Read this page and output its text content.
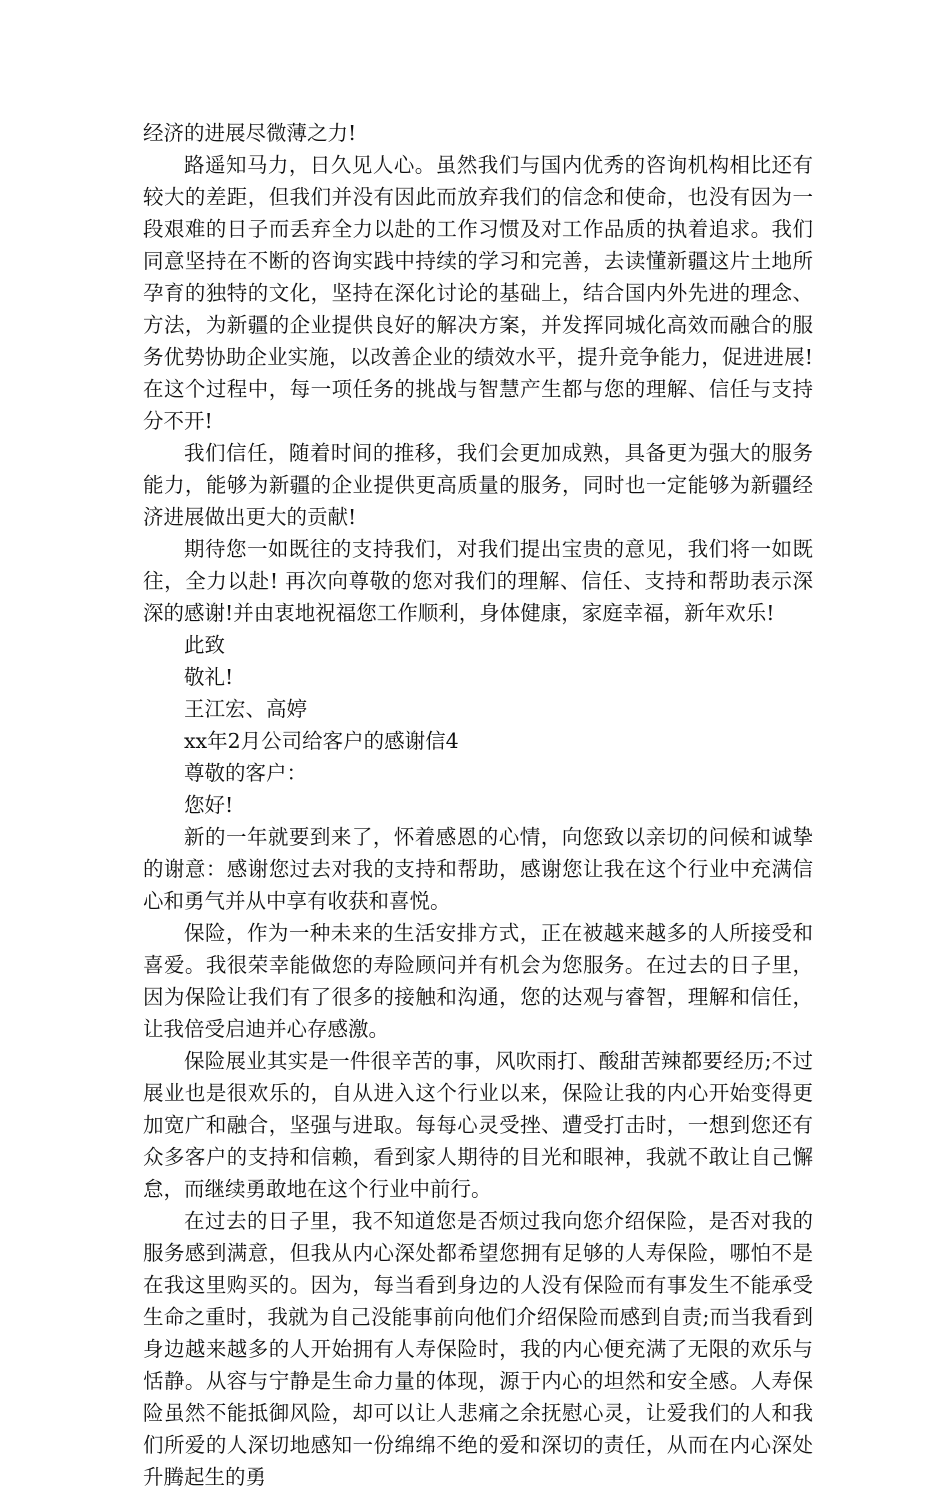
经济的进展尽微薄之力!

路遥知马力，日久见人心。虽然我们与国内优秀的咨询机构相比还有较大的差距，但我们并没有因此而放弃我们的信念和使命，也没有因为一段艰难的日子而丢弃全力以赴的工作习惯及对工作品质的执着追求。我们同意坚持在不断的咨询实践中持续的学习和完善，去读懂新疆这片土地所孕育的独特的文化，坚持在深化讨论的基础上，结合国内外先进的理念、方法，为新疆的企业提供良好的解决方案，并发挥同城化高效而融合的服务优势协助企业实施，以改善企业的绩效水平，提升竞争能力，促进进展!在这个过程中，每一项任务的挑战与智慧产生都与您的理解、信任与支持分不开!

我们信任，随着时间的推移，我们会更加成熟，具备更为强大的服务能力，能够为新疆的企业提供更高质量的服务，同时也一定能够为新疆经济进展做出更大的贡献!

期待您一如既往的支持我们，对我们提出宝贵的意见，我们将一如既往，全力以赴! 再次向尊敬的您对我们的理解、信任、支持和帮助表示深深的感谢!并由衷地祝福您工作顺利，身体健康，家庭幸福，新年欢乐!

此致

敬礼!

王江宏、高婷

xx年2月公司给客户的感谢信4

尊敬的客户：

您好!

新的一年就要到来了，怀着感恩的心情，向您致以亲切的问候和诚挚的谢意：感谢您过去对我的支持和帮助，感谢您让我在这个行业中充满信心和勇气并从中享有收获和喜悦。

保险，作为一种未来的生活安排方式，正在被越来越多的人所接受和喜爱。我很荣幸能做您的寿险顾问并有机会为您服务。在过去的日子里，因为保险让我们有了很多的接触和沟通，您的达观与睿智，理解和信任，让我倍受启迪并心存感激。

保险展业其实是一件很辛苦的事，风吹雨打、酸甜苦辣都要经历;不过展业也是很欢乐的，自从进入这个行业以来，保险让我的内心开始变得更加宽广和融合，坚强与进取。每每心灵受挫、遭受打击时，一想到您还有众多客户的支持和信赖，看到家人期待的目光和眼神，我就不敢让自己懈怠，而继续勇敢地在这个行业中前行。

在过去的日子里，我不知道您是否烦过我向您介绍保险，是否对我的服务感到满意，但我从内心深处都希望您拥有足够的人寿保险，哪怕不是在我这里购买的。因为，每当看到身边的人没有保险而有事发生不能承受生命之重时，我就为自己没能事前向他们介绍保险而感到自责;而当我看到身边越来越多的人开始拥有人寿保险时，我的内心便充满了无限的欢乐与恬静。从容与宁静是生命力量的体现，源于内心的坦然和安全感。人寿保险虽然不能抵御风险，却可以让人悲痛之余抚慰心灵，让爱我们的人和我们所爱的人深切地感知一份绵绵不绝的爱和深切的责任，从而在内心深处升腾起生的勇
